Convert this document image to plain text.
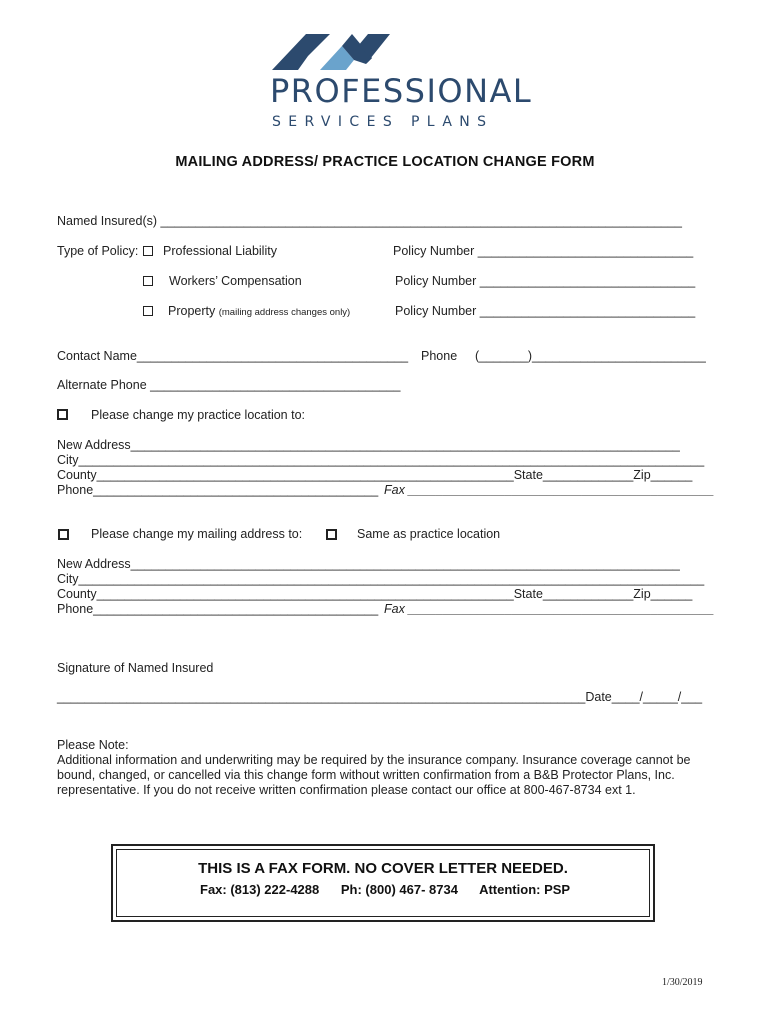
PROFESSIONAL
SERVICES PLANS
MAILING ADDRESS/ PRACTICE LOCATION CHANGE FORM
Named Insured(s) ___________________________________________________________________________
Type of Policy: Professional Liability	Policy Number _______________________________
Workers’ Compensation	Policy Number _______________________________
Property (mailing address changes only)	Policy Number _______________________________
Contact Name_______________________________________ Phone (_______)_________________________
Alternate Phone ____________________________________
Please change my practice location to:
New Address_______________________________________________________________________________
City__________________________________________________________________________________________
County____________________________________________________________State_____________Zip______
Phone_________________________________________ Fax ____________________________________________
Please change my mailing address to:	Same as practice location
New Address_______________________________________________________________________________
City__________________________________________________________________________________________
County____________________________________________________________State_____________Zip______
Phone_________________________________________ Fax ____________________________________________
Signature of Named Insured
____________________________________________________________________________Date____/_____/___
Please Note:
Additional information and underwriting may be required by the insurance company. Insurance coverage cannot be
bound, changed, or cancelled via this change form without written confirmation from a B&B Protector Plans, Inc.
representative. If you do not receive written confirmation please contact our office at 800-467-8734 ext 1.
THIS IS A FAX FORM. NO COVER LETTER NEEDED.
Fax: (813) 222-4288 Ph: (800) 467- 8734 Attention: PSP
1/30/2019
